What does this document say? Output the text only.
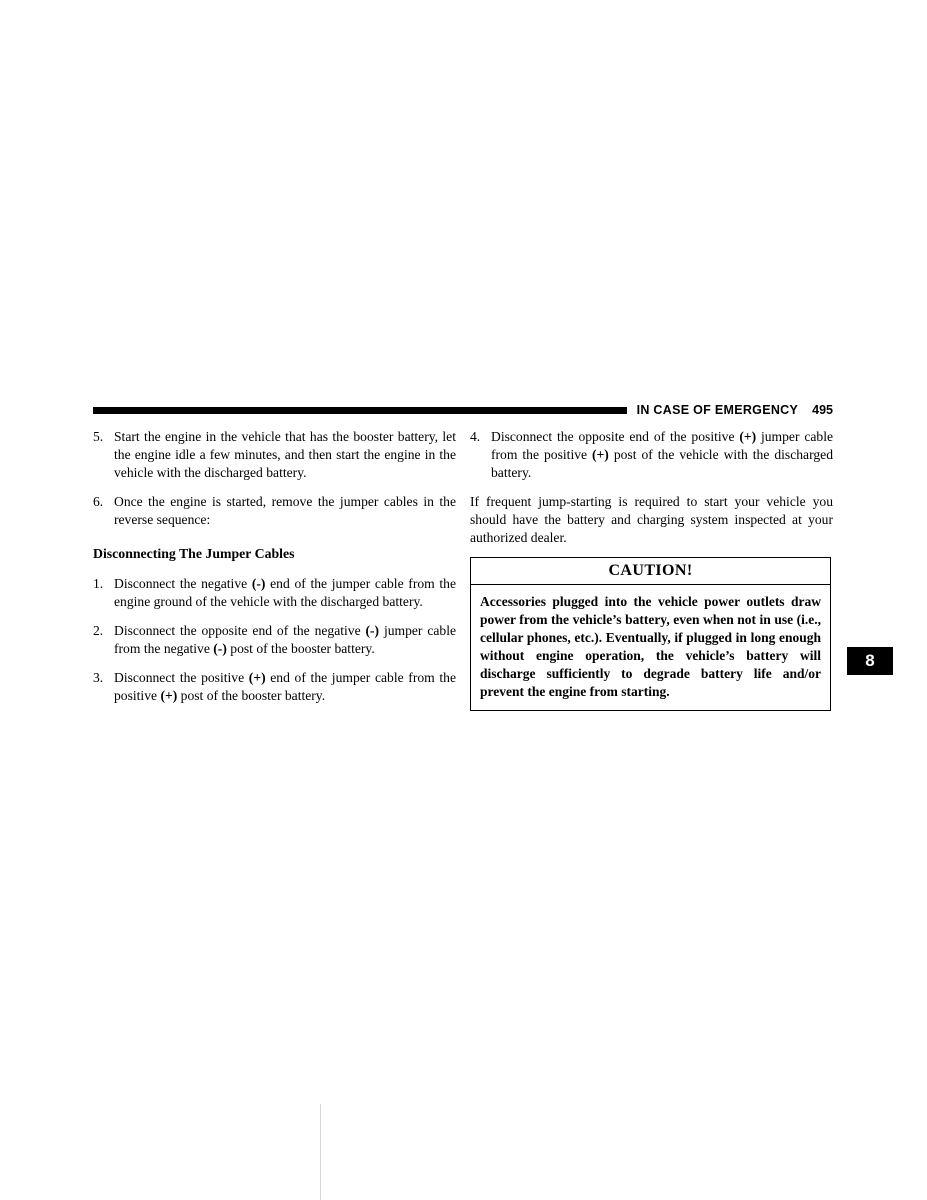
IN CASE OF EMERGENCY 495
5. Start the engine in the vehicle that has the booster battery, let the engine idle a few minutes, and then start the engine in the vehicle with the discharged battery.
6. Once the engine is started, remove the jumper cables in the reverse sequence:
Disconnecting The Jumper Cables
1. Disconnect the negative (-) end of the jumper cable from the engine ground of the vehicle with the discharged battery.
2. Disconnect the opposite end of the negative (-) jumper cable from the negative (-) post of the booster battery.
3. Disconnect the positive (+) end of the jumper cable from the positive (+) post of the booster battery.
4. Disconnect the opposite end of the positive (+) jumper cable from the positive (+) post of the vehicle with the discharged battery.
If frequent jump-starting is required to start your vehicle you should have the battery and charging system inspected at your authorized dealer.
CAUTION!
Accessories plugged into the vehicle power outlets draw power from the vehicle’s battery, even when not in use (i.e., cellular phones, etc.). Eventually, if plugged in long enough without engine operation, the vehicle’s battery will discharge sufficiently to degrade battery life and/or prevent the engine from starting.
8
